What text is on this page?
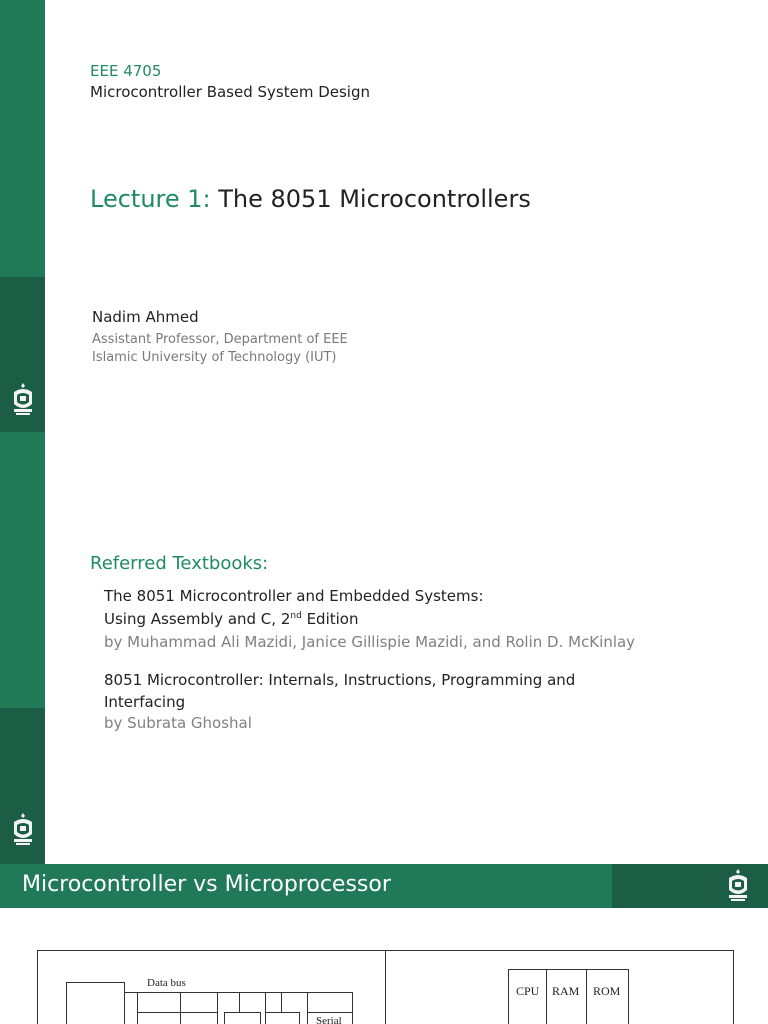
EEE 4705
Microcontroller Based System Design
Lecture 1: The 8051 Microcontrollers
Nadim Ahmed
Assistant Professor, Department of EEE
Islamic University of Technology (IUT)
Referred Textbooks:
The 8051 Microcontroller and Embedded Systems:
Using Assembly and C, 2nd Edition
by Muhammad Ali Mazidi, Janice Gillispie Mazidi, and Rolin D. McKinlay
8051 Microcontroller: Internals, Instructions, Programming and
Interfacing
by Subrata Ghoshal
Microcontroller vs Microprocessor
Data bus
Serial
CPU RAM ROM
